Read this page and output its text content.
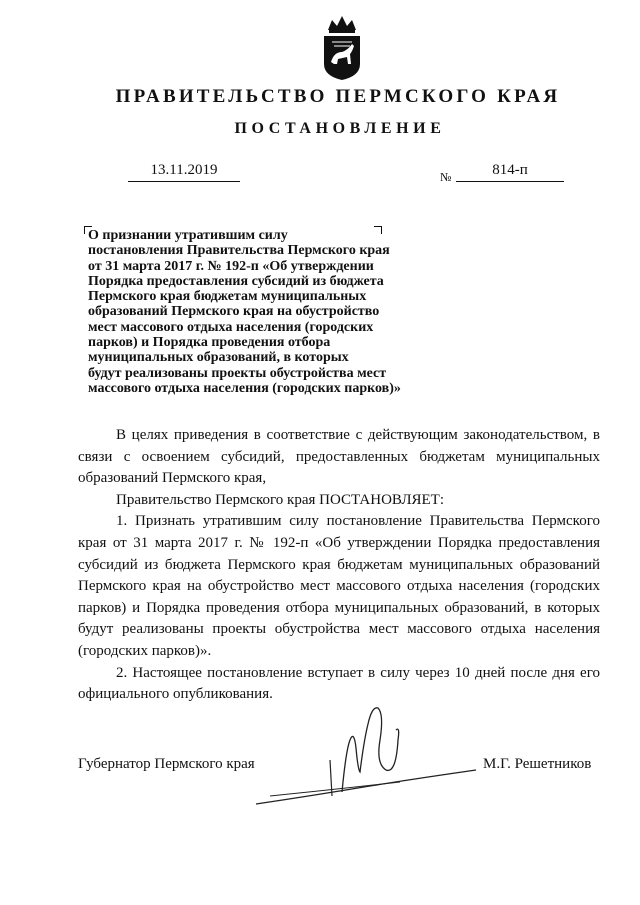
ПРАВИТЕЛЬСТВО ПЕРМСКОГО КРАЯ
ПОСТАНОВЛЕНИЕ
13.11.2019	№	814-п
О признании утратившим силу
постановления Правительства Пермского края
от 31 марта 2017 г. № 192-п «Об утверждении
Порядка предоставления субсидий из бюджета
Пермского края бюджетам муниципальных
образований Пермского края на обустройство
мест массового отдыха населения (городских
парков) и Порядка проведения отбора
муниципальных образований, в которых
будут реализованы проекты обустройства мест
массового отдыха населения (городских парков)»

В целях приведения в соответствие с действующим законодательством, в связи с освоением субсидий, предоставленных бюджетам муниципальных образований Пермского края,

Правительство Пермского края ПОСТАНОВЛЯЕТ:

1. Признать утратившим силу постановление Правительства Пермского края от 31 марта 2017 г. № 192-п «Об утверждении Порядка предоставления субсидий из бюджета Пермского края бюджетам муниципальных образований Пермского края на обустройство мест массового отдыха населения (городских парков) и Порядка проведения отбора муниципальных образований, в которых будут реализованы проекты обустройства мест массового отдыха населения (городских парков)».

2. Настоящее постановление вступает в силу через 10 дней после дня его официального опубликования.

Губернатор Пермского края	М.Г. Решетников
